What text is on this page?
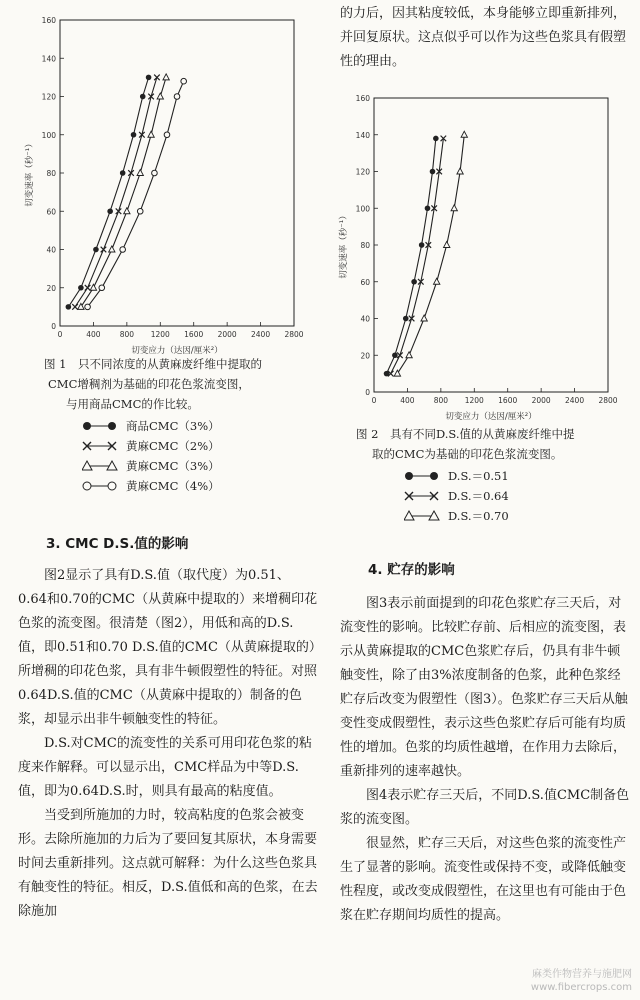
0	400	800 1200 1600 2000 2400 2800
0
20
40
60
80
100
120
140
160
切变应力（达因/厘米²）
切变速率（秒⁻¹）
图 1　只不同浓度的从黄麻废纤维中提取的
CMC增稠剂为基础的印花色浆流变图，
与用商品CMC的作比较。
商品CMC（3%）
黄麻CMC（2%）
黄麻CMC（3%）
黄麻CMC（4%）

的力后，因其粘度较低，本身能够立即重新排列，并回复原状。这点似乎可以作为这些色浆具有假塑性的理由。

0	400	800 1200 1600 2000 2400 2800
0
20
40
60
80
100
120
140
160
切变应力（达因/厘米²）
切变速率（秒⁻¹）
图 2　具有不同D.S.值的从黄麻废纤维中提
取的CMC为基础的印花色浆流变图。
D.S.＝0.51
D.S.＝0.64
D.S.＝0.70
3. CMC D.S.值的影响

图2显示了具有D.S.值（取代度）为0.51、0.64和0.70的CMC（从黄麻中提取的）来增稠印花色浆的流变图。很清楚（图2），用低和高的D.S.值，即0.51和0.70 D.S.值的CMC（从黄麻提取的）所增稠的印花色浆，具有非牛顿假塑性的特征。对照0.64D.S.值的CMC（从黄麻中提取的）制备的色浆，却显示出非牛顿触变性的特征。

D.S.对CMC的流变性的关系可用印花色浆的粘度来作解释。可以显示出，CMC样品为中等D.S.值，即为0.64D.S.时，则具有最高的粘度值。

当受到所施加的力时，较高粘度的色浆会被变形。去除所施加的力后为了要回复其原状，本身需要时间去重新排列。这点就可解释：为什么这些色浆具有触变性的特征。相反，D.S.值低和高的色浆，在去除施加

4. 贮存的影响

图3表示前面提到的印花色浆贮存三天后，对流变性的影响。比较贮存前、后相应的流变图，表示从黄麻提取的CMC色浆贮存后，仍具有非牛顿触变性，除了由3%浓度制备的色浆，此种色浆经贮存后改变为假塑性（图3）。色浆贮存三天后从触变性变成假塑性，表示这些色浆贮存后可能有均质性的增加。色浆的均质性越增，在作用力去除后，重新排列的速率越快。

图4表示贮存三天后，不同D.S.值CMC制备色浆的流变图。

很显然，贮存三天后，对这些色浆的流变性产生了显著的影响。流变性或保持不变，或降低触变性程度，或改变成假塑性，在这里也有可能由于色浆在贮存期间均质性的提高。

麻类作物营养与施肥网
www.fibercrops.com
